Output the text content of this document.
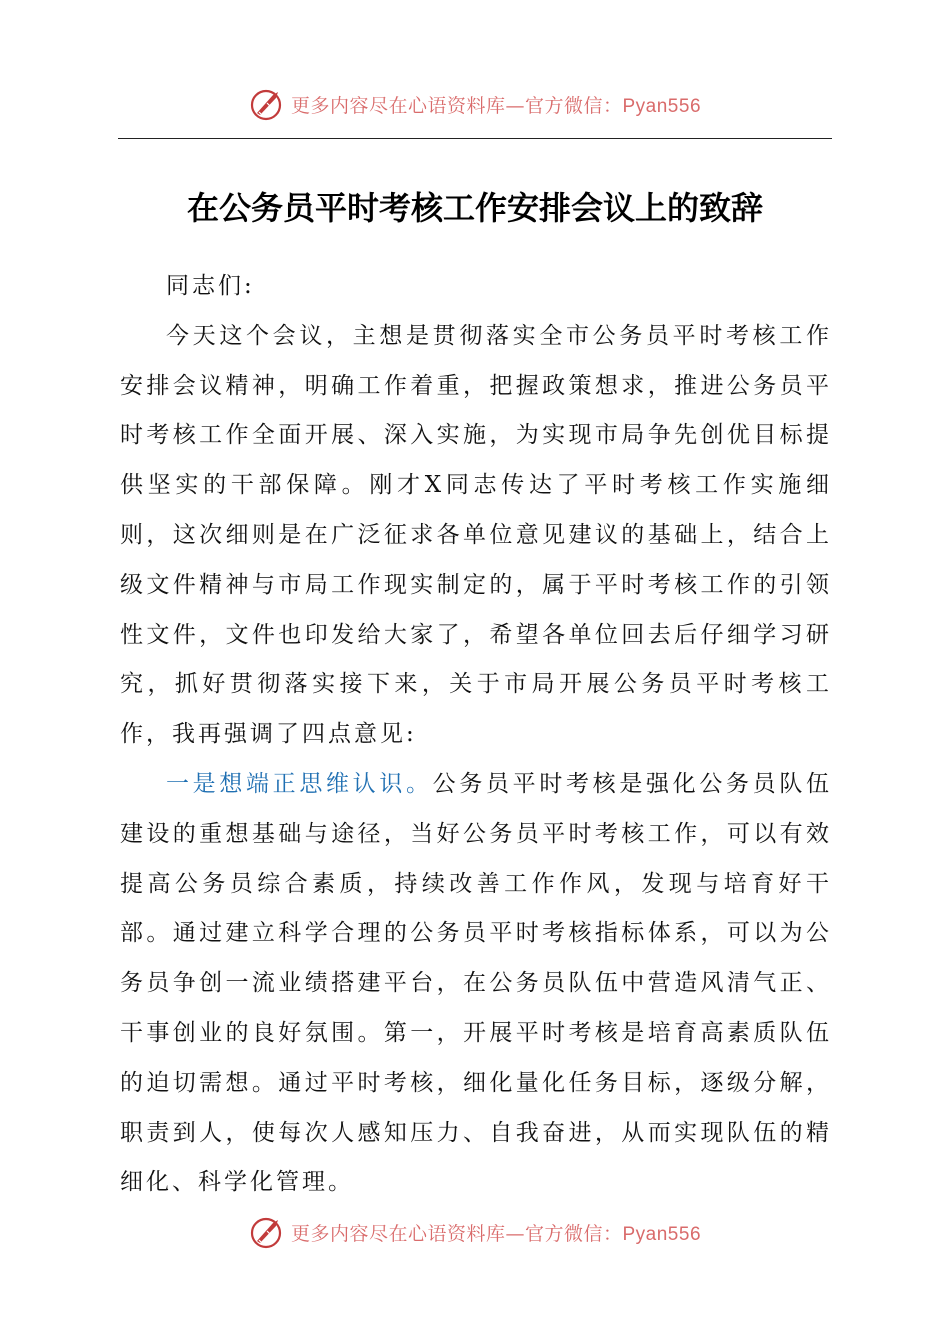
更多内容尽在心语资料库—官方微信：Pyan556
在公务员平时考核工作安排会议上的致辞

同志们:

今天这个会议，主想是贯彻落实全市公务员平时考核工作安排会议精神，明确工作着重，把握政策想求，推进公务员平时考核工作全面开展、深入实施，为实现市局争先创优目标提供坚实的干部保障。刚才X同志传达了平时考核工作实施细则，这次细则是在广泛征求各单位意见建议的基础上，结合上级文件精神与市局工作现实制定的，属于平时考核工作的引领性文件，文件也印发给大家了，希望各单位回去后仔细学习研究，抓好贯彻落实接下来，关于市局开展公务员平时考核工作，我再强调了四点意见:

一是想端正思维认识。公务员平时考核是强化公务员队伍建设的重想基础与途径，当好公务员平时考核工作，可以有效提高公务员综合素质，持续改善工作作风，发现与培育好干部。通过建立科学合理的公务员平时考核指标体系，可以为公务员争创一流业绩搭建平台，在公务员队伍中营造风清气正、干事创业的良好氛围。第一，开展平时考核是培育高素质队伍的迫切需想。通过平时考核，细化量化任务目标，逐级分解，职责到人，使每次人感知压力、自我奋进，从而实现队伍的精细化、科学化管理。

更多内容尽在心语资料库—官方微信：Pyan556
